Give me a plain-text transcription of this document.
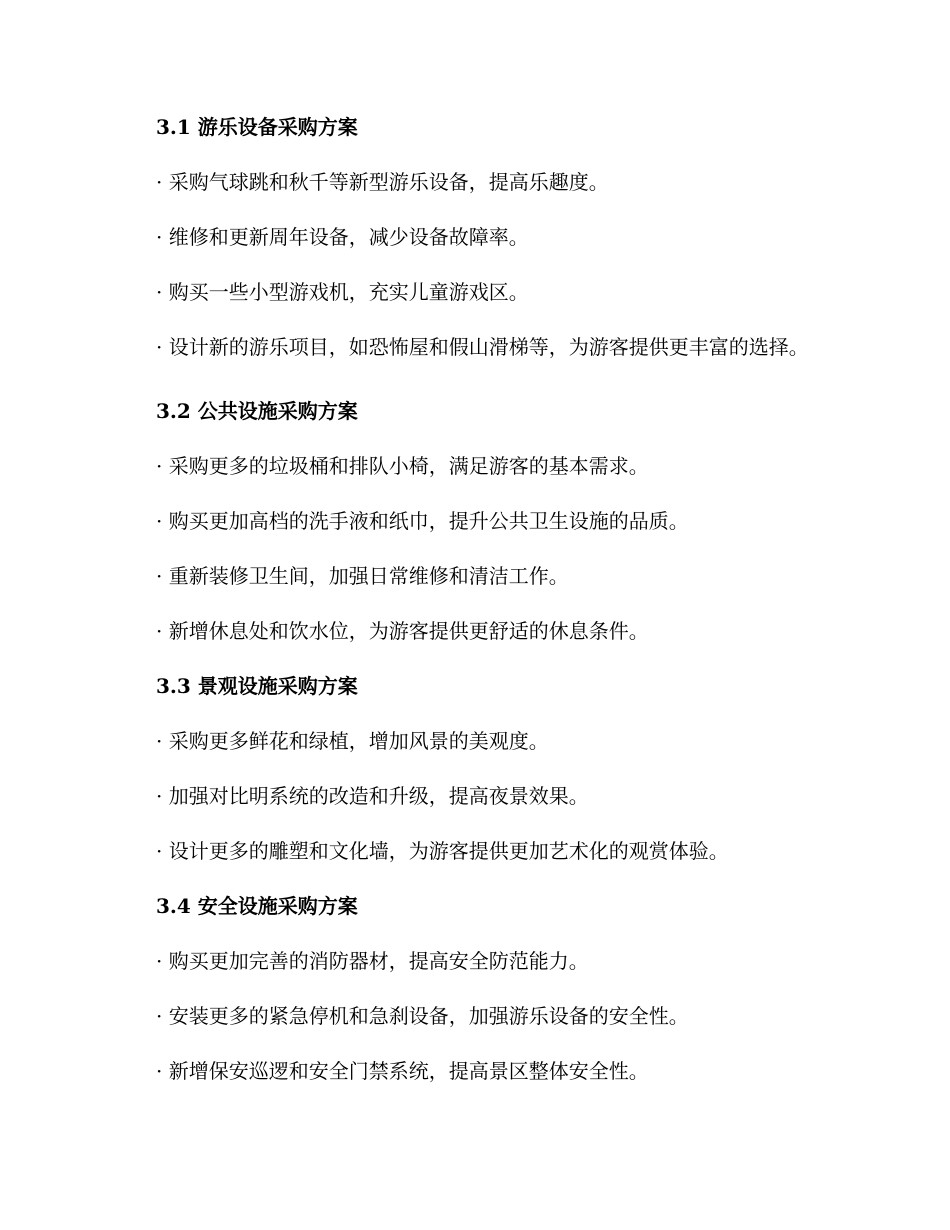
3.1 游乐设备采购方案

· 采购气球跳和秋千等新型游乐设备，提高乐趣度。

· 维修和更新周年设备，减少设备故障率。

· 购买一些小型游戏机，充实儿童游戏区。

· 设计新的游乐项目，如恐怖屋和假山滑梯等，为游客提供更丰富的选择。

3.2 公共设施采购方案

· 采购更多的垃圾桶和排队小椅，满足游客的基本需求。

· 购买更加高档的洗手液和纸巾，提升公共卫生设施的品质。

· 重新装修卫生间，加强日常维修和清洁工作。

· 新增休息处和饮水位，为游客提供更舒适的休息条件。

3.3 景观设施采购方案

· 采购更多鲜花和绿植，增加风景的美观度。

· 加强对比明系统的改造和升级，提高夜景效果。

· 设计更多的雕塑和文化墙，为游客提供更加艺术化的观赏体验。

3.4 安全设施采购方案

· 购买更加完善的消防器材，提高安全防范能力。

· 安装更多的紧急停机和急刹设备，加强游乐设备的安全性。

· 新增保安巡逻和安全门禁系统，提高景区整体安全性。
